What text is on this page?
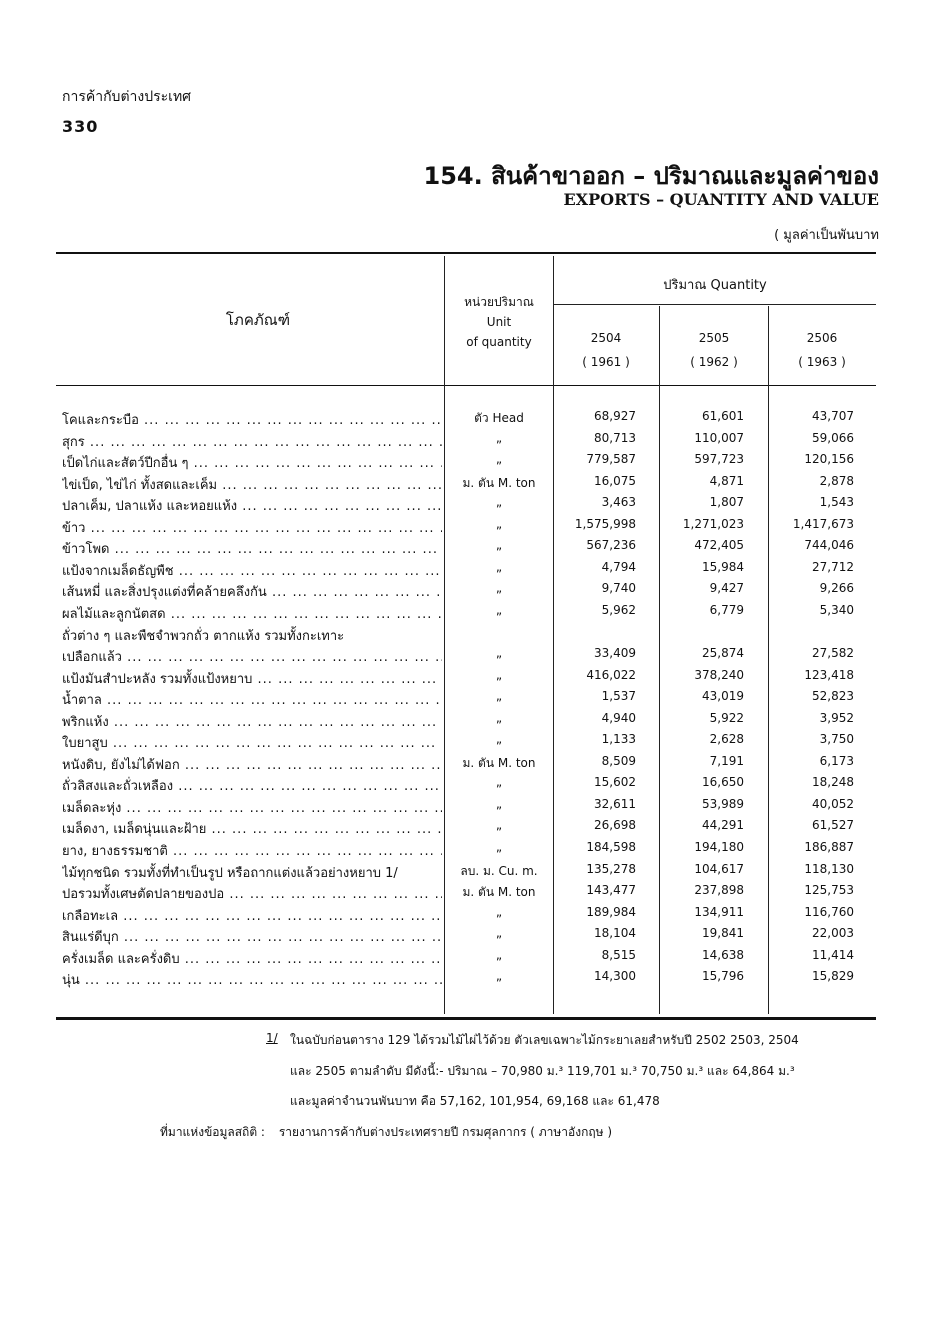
การค้ากับต่างประเทศ
330
154. สินค้าขาออก – ปริมาณและมูลค่าของ
EXPORTS – QUANTITY AND VALUE
( มูลค่าเป็นพันบาท
โภคภัณฑ์
หน่วยปริมาณ
Unit
of quantity
ปริมาณ Quantity
2504
( 1961 )
2505
( 1962 )
2506
( 1963 )
โคและกระบือ ... .	ตัว Head	68,927	61,601	43,707
สุกร ... .	„	80,713	110,007	59,066
เป็ดไก่และสัตว์ปีกอื่น ๆ ... .	„	779,587	597,723	120,156
ไข่เป็ด, ไข่ไก่ ทั้งสดและเค็ม ... .	ม. ตัน M. ton	16,075	4,871	2,878
ปลาเค็ม, ปลาแห้ง และหอยแห้ง ... .	„	3,463	1,807	1,543
ข้าว ... .	„	1,575,998	1,271,023	1,417,673
ข้าวโพด ... .	„	567,236	472,405	744,046
แป้งจากเมล็ดธัญพืช ... .	„	4,794	15,984	27,712
เส้นหมี่ และสิ่งปรุงแต่งที่คล้ายคลึงกัน ... .	„	9,740	9,427	9,266
ผลไม้และลูกนัตสด ... .	„	5,962	6,779	5,340
ถั่วต่าง ๆ และพืชจำพวกถั่ว ตากแห้ง รวมทั้งกะเทาะ
เปลือกแล้ว ... .	„	33,409	25,874	27,582
แป้งมันสำปะหลัง รวมทั้งแป้งหยาบ ... .	„	416,022	378,240	123,418
น้ำตาล ... .	„	1,537	43,019	52,823
พริกแห้ง ... .	„	4,940	5,922	3,952
ใบยาสูบ ... .	„	1,133	2,628	3,750
หนังดิบ, ยังไม่ได้ฟอก ... .	ม. ตัน M. ton	8,509	7,191	6,173
ถั่วลิสงและถั่วเหลือง ... .	„	15,602	16,650	18,248
เมล็ดละหุ่ง ... .	„	32,611	53,989	40,052
เมล็ดงา, เมล็ดนุ่นและฝ้าย ... .	„	26,698	44,291	61,527
ยาง, ยางธรรมชาติ ... .	„	184,598	194,180	186,887
ไม้ทุกชนิด รวมทั้งที่ทำเป็นรูป หรือถากแต่งแล้วอย่างหยาบ 1/	ลบ. ม. Cu. m.	135,278	104,617	118,130
ปอรวมทั้งเศษตัดปลายของปอ ... .	ม. ตัน M. ton	143,477	237,898	125,753
เกลือทะเล ... .	„	189,984	134,911	116,760
สินแร่ดีบุก ... .	„	18,104	19,841	22,003
ครั่งเมล็ด และครั่งดิบ ... .	„	8,515	14,638	11,414
นุ่น ... .	„	14,300	15,796	15,829
1/ ในฉบับก่อนตาราง 129 ได้รวมไม้ไผ่ไว้ด้วย ตัวเลขเฉพาะไม้กระยาเลยสำหรับปี 2502 2503, 2504
และ 2505 ตามลำดับ มีดังนี้:- ปริมาณ – 70,980 ม.³ 119,701 ม.³ 70,750 ม.³ และ 64,864 ม.³
และมูลค่าจำนวนพันบาท คือ 57,162, 101,954, 69,168 และ 61,478
ที่มาแห่งข้อมูลสถิติ : รายงานการค้ากับต่างประเทศรายปี กรมศุลกากร ( ภาษาอังกฤษ )
